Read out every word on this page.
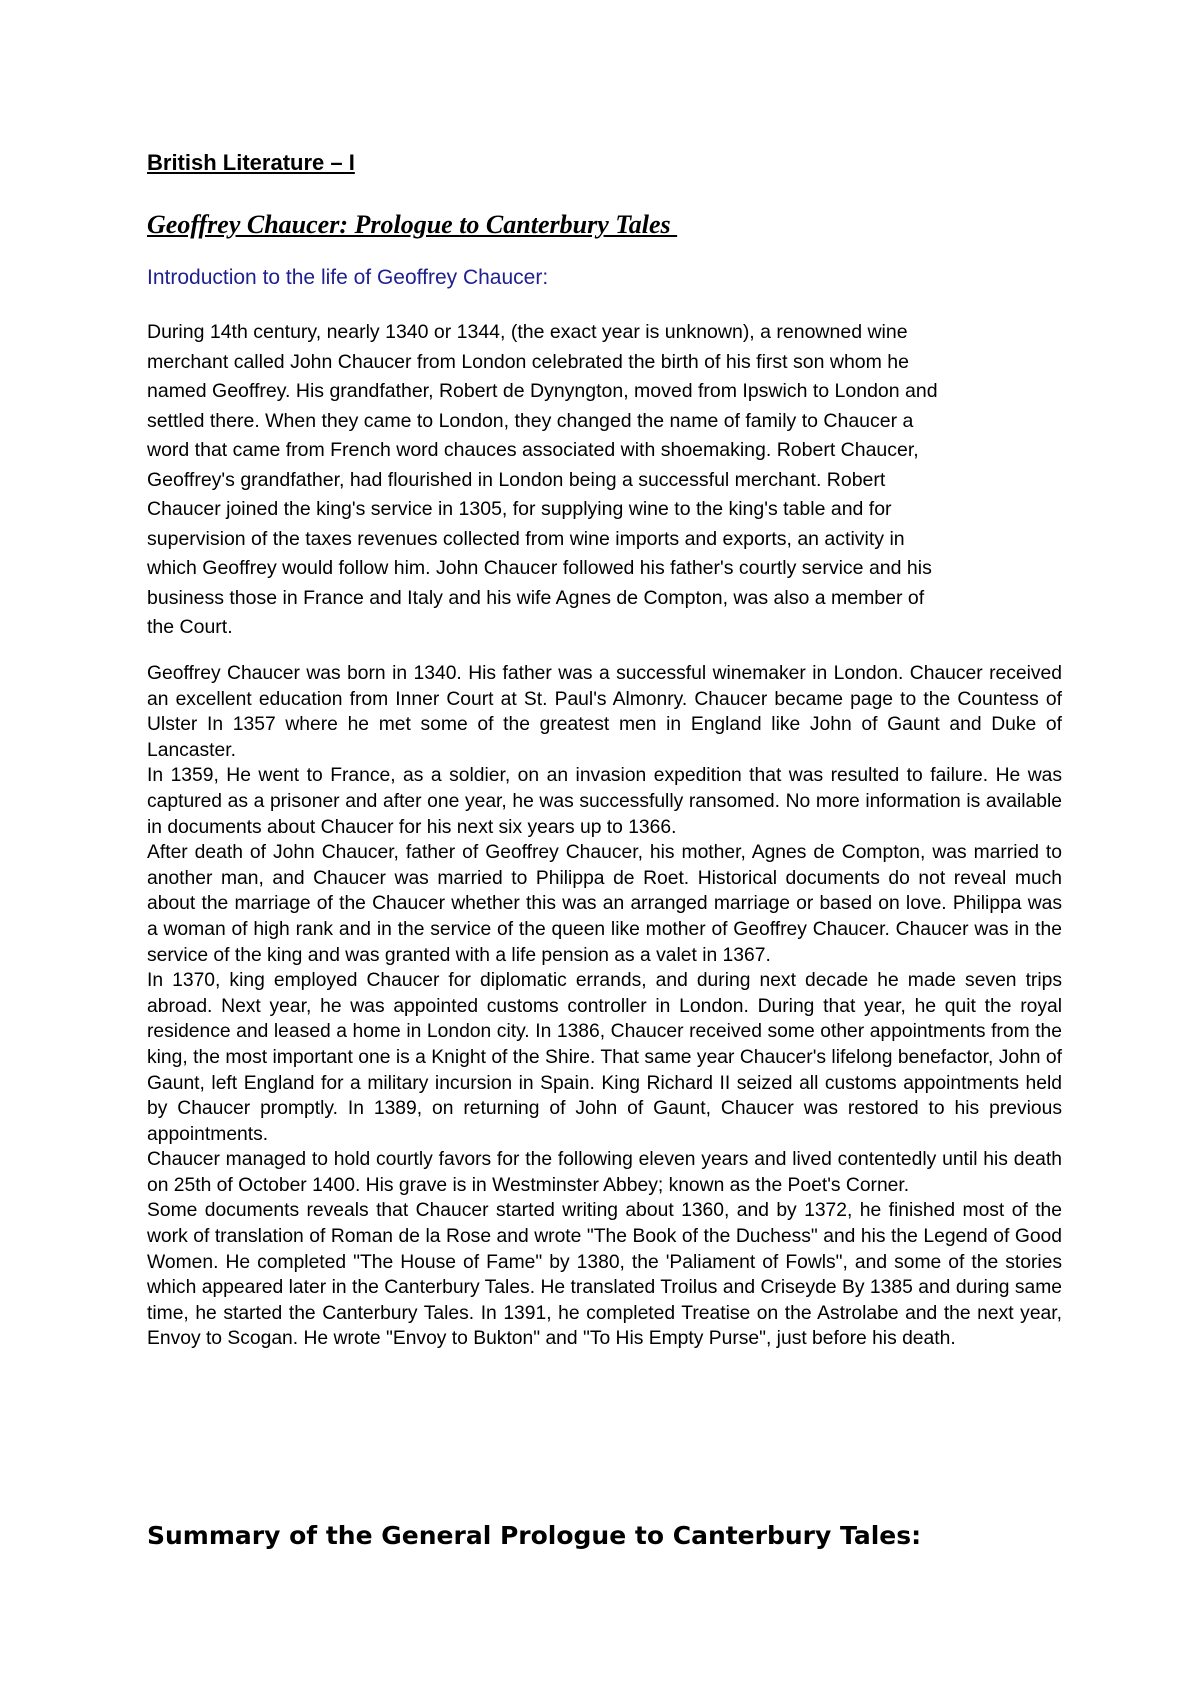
British Literature – I
Geoffrey Chaucer: Prologue to Canterbury Tales
Introduction to the life of Geoffrey Chaucer:
During 14th century, nearly 1340 or 1344, (the exact year is unknown), a renowned wine
merchant called John Chaucer from London celebrated the birth of his first son whom he
named Geoffrey. His grandfather, Robert de Dynyngton, moved from Ipswich to London and
settled there. When they came to London, they changed the name of family to Chaucer a
word that came from French word chauces associated with shoemaking. Robert Chaucer,
Geoffrey's grandfather, had flourished in London being a successful merchant. Robert
Chaucer joined the king's service in 1305, for supplying wine to the king's table and for
supervision of the taxes revenues collected from wine imports and exports, an activity in
which Geoffrey would follow him. John Chaucer followed his father's courtly service and his
business those in France and Italy and his wife Agnes de Compton, was also a member of
the Court.

Geoffrey Chaucer was born in 1340. His father was a successful winemaker in London. Chaucer received an excellent education from Inner Court at St. Paul's Almonry. Chaucer became page to the Countess of Ulster In 1357 where he met some of the greatest men in England like John of Gaunt and Duke of Lancaster.

In 1359, He went to France, as a soldier, on an invasion expedition that was resulted to failure. He was captured as a prisoner and after one year, he was successfully ransomed. No more information is available in documents about Chaucer for his next six years up to 1366.

After death of John Chaucer, father of Geoffrey Chaucer, his mother, Agnes de Compton, was married to another man, and Chaucer was married to Philippa de Roet. Historical documents do not reveal much about the marriage of the Chaucer whether this was an arranged marriage or based on love. Philippa was a woman of high rank and in the service of the queen like mother of Geoffrey Chaucer. Chaucer was in the service of the king and was granted with a life pension as a valet in 1367.

In 1370, king employed Chaucer for diplomatic errands, and during next decade he made seven trips abroad. Next year, he was appointed customs controller in London. During that year, he quit the royal residence and leased a home in London city. In 1386, Chaucer received some other appointments from the king, the most important one is a Knight of the Shire. That same year Chaucer's lifelong benefactor, John of Gaunt, left England for a military incursion in Spain. King Richard II seized all customs appointments held by Chaucer promptly. In 1389, on returning of John of Gaunt, Chaucer was restored to his previous appointments.

Chaucer managed to hold courtly favors for the following eleven years and lived contentedly until his death on 25th of October 1400. His grave is in Westminster Abbey; known as the Poet's Corner.

Some documents reveals that Chaucer started writing about 1360, and by 1372, he finished most of the work of translation of Roman de la Rose and wrote "The Book of the Duchess" and his the Legend of Good Women. He completed "The House of Fame" by 1380, the 'Paliament of Fowls", and some of the stories which appeared later in the Canterbury Tales. He translated Troilus and Criseyde By 1385 and during same time, he started the Canterbury Tales. In 1391, he completed Treatise on the Astrolabe and the next year, Envoy to Scogan. He wrote "Envoy to Bukton" and "To His Empty Purse", just before his death.

Summary of the General Prologue to Canterbury Tales:
